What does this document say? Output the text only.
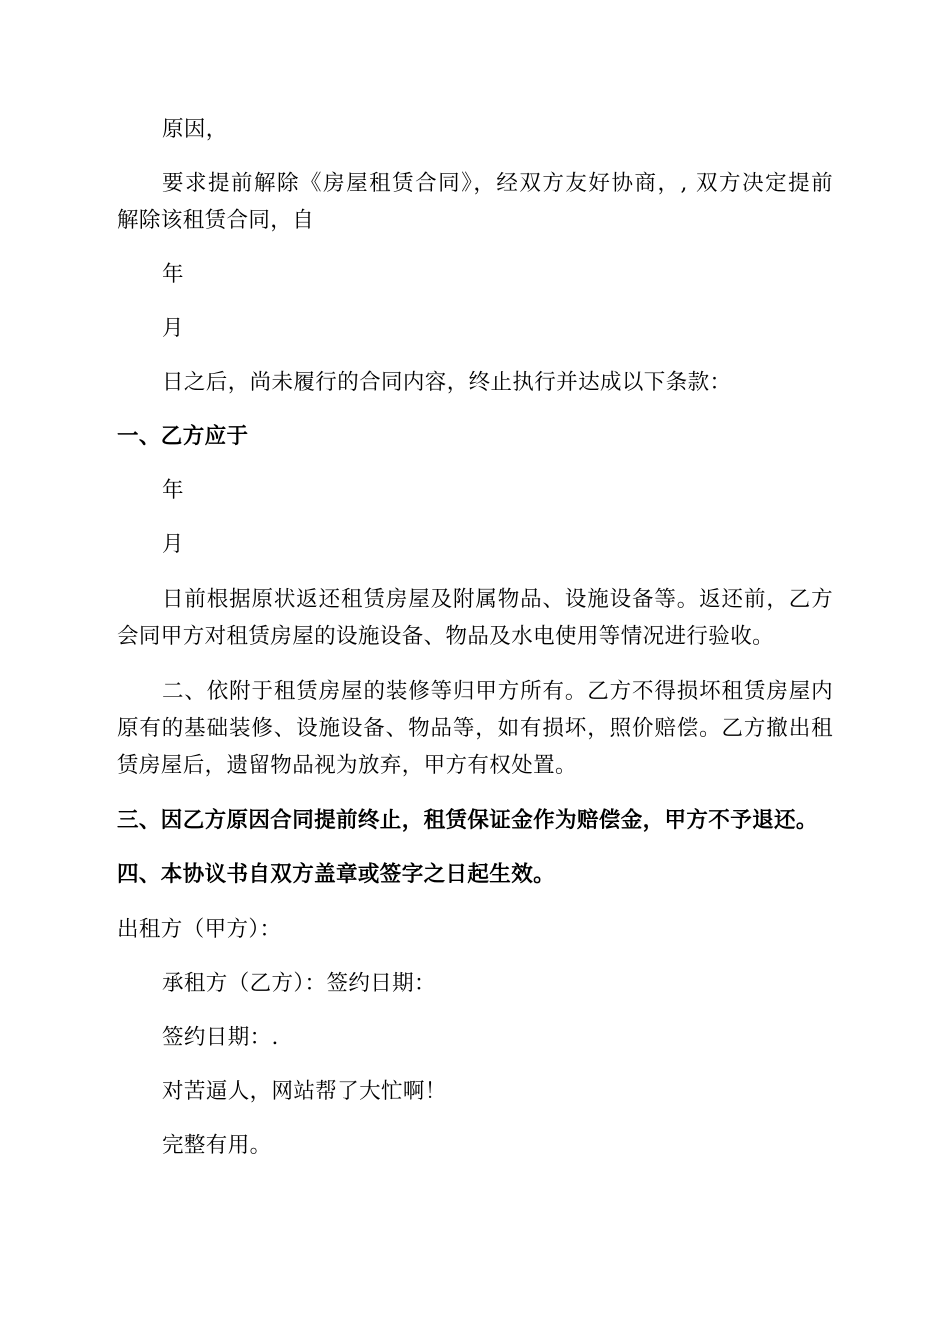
原因，
要求提前解除《房屋租赁合同》，经双方友好协商，, 双方决定提前
解除该租赁合同，自
年
月
日之后，尚未履行的合同内容，终止执行并达成以下条款：
一、乙方应于
年
月
日前根据原状返还租赁房屋及附属物品、设施设备等。返还前，乙方
会同甲方对租赁房屋的设施设备、物品及水电使用等情况进行验收。
二、依附于租赁房屋的装修等归甲方所有。乙方不得损坏租赁房屋内
原有的基础装修、设施设备、物品等，如有损坏，照价赔偿。乙方撤出租
赁房屋后，遗留物品视为放弃，甲方有权处置。
三、因乙方原因合同提前终止，租赁保证金作为赔偿金，甲方不予退还。
四、本协议书自双方盖章或签字之日起生效。
出租方（甲方）：
承租方（乙方）：签约日期：
签约日期：.
对苦逼人，网站帮了大忙啊！
完整有用。
